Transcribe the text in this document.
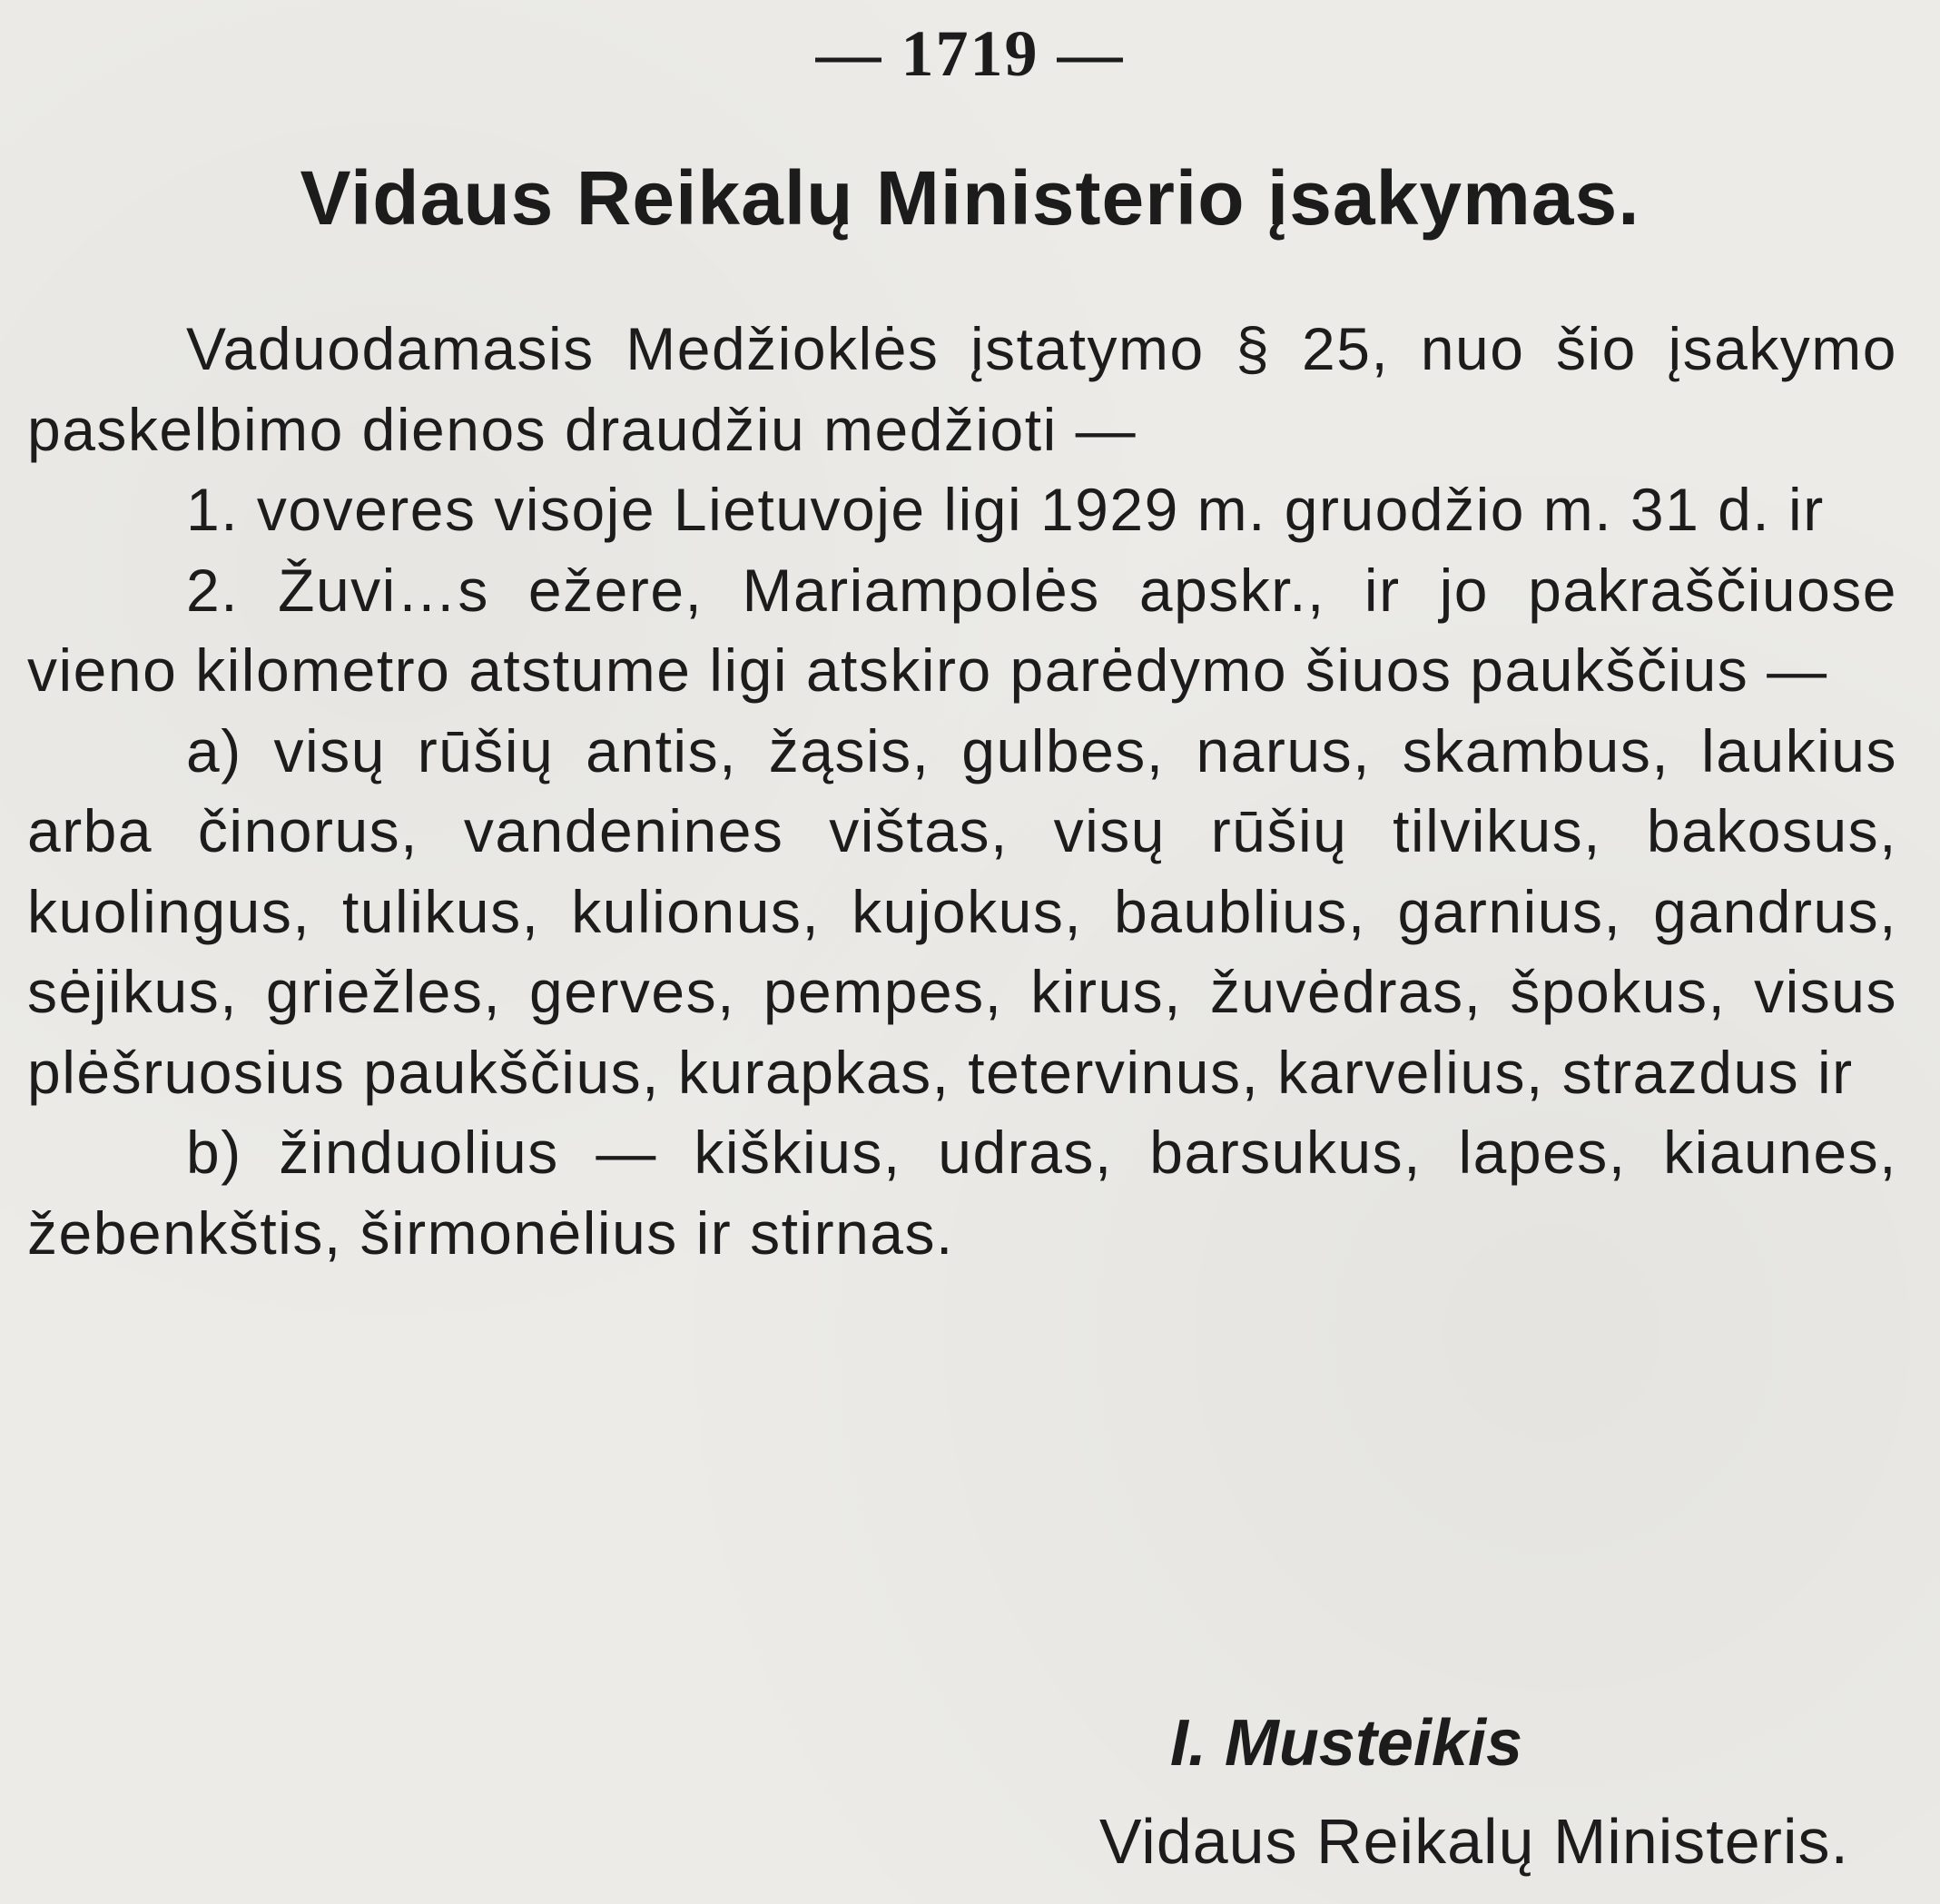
— 1719 —
Vidaus Reikalų Ministerio įsakymas.

Vaduodamasis Medžioklės įstatymo § 25, nuo šio įsakymo paskelbimo dienos draudžiu medžioti —

1. voveres visoje Lietuvoje ligi 1929 m. gruodžio m. 31 d. ir

2. Žuvi…s ežere, Mariampolės apskr., ir jo pakraščiuose vieno kilometro atstume ligi atskiro parėdymo šiuos paukščius —

a) visų rūšių antis, žąsis, gulbes, narus, skambus, laukius arba činorus, vandenines vištas, visų rūšių tilvikus, bakosus, kuolingus, tulikus, kulionus, kujokus, baublius, garnius, gandrus, sėjikus, griežles, gerves, pempes, kirus, žuvėdras, špokus, visus plėšruosius paukščius, kurapkas, tetervinus, karvelius, strazdus ir

b) žinduolius — kiškius, udras, barsukus, lapes, kiaunes, žebenkštis, širmonėlius ir stirnas.

I. Musteikis
Vidaus Reikalų Ministeris.
